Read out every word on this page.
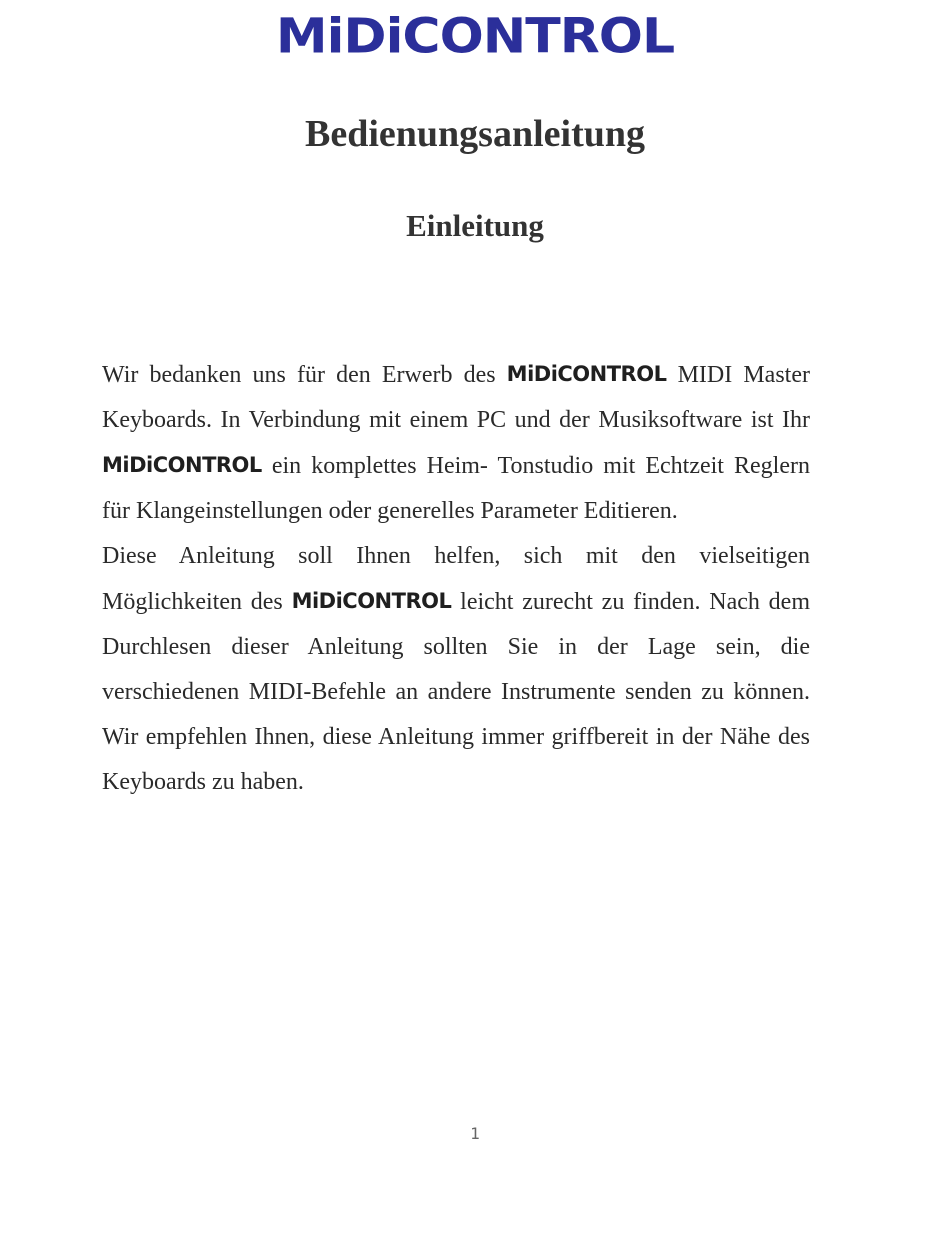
MiDiCONTROL
Bedienungsanleitung
Einleitung

Wir bedanken uns für den Erwerb des MiDiCONTROL MIDI Master Keyboards. In Verbindung mit einem PC und der Musiksoftware ist Ihr MiDiCONTROL ein komplettes Heim- Tonstudio mit Echtzeit Reglern für Klangeinstellungen oder generelles Parameter Editieren.

Diese Anleitung soll Ihnen helfen, sich mit den vielseitigen Möglichkeiten des MiDiCONTROL leicht zurecht zu finden. Nach dem Durchlesen dieser Anleitung sollten Sie in der Lage sein, die verschiedenen MIDI-Befehle an andere Instrumente senden zu können. Wir empfehlen Ihnen, diese Anleitung immer griffbereit in der Nähe des Keyboards zu haben.

1
